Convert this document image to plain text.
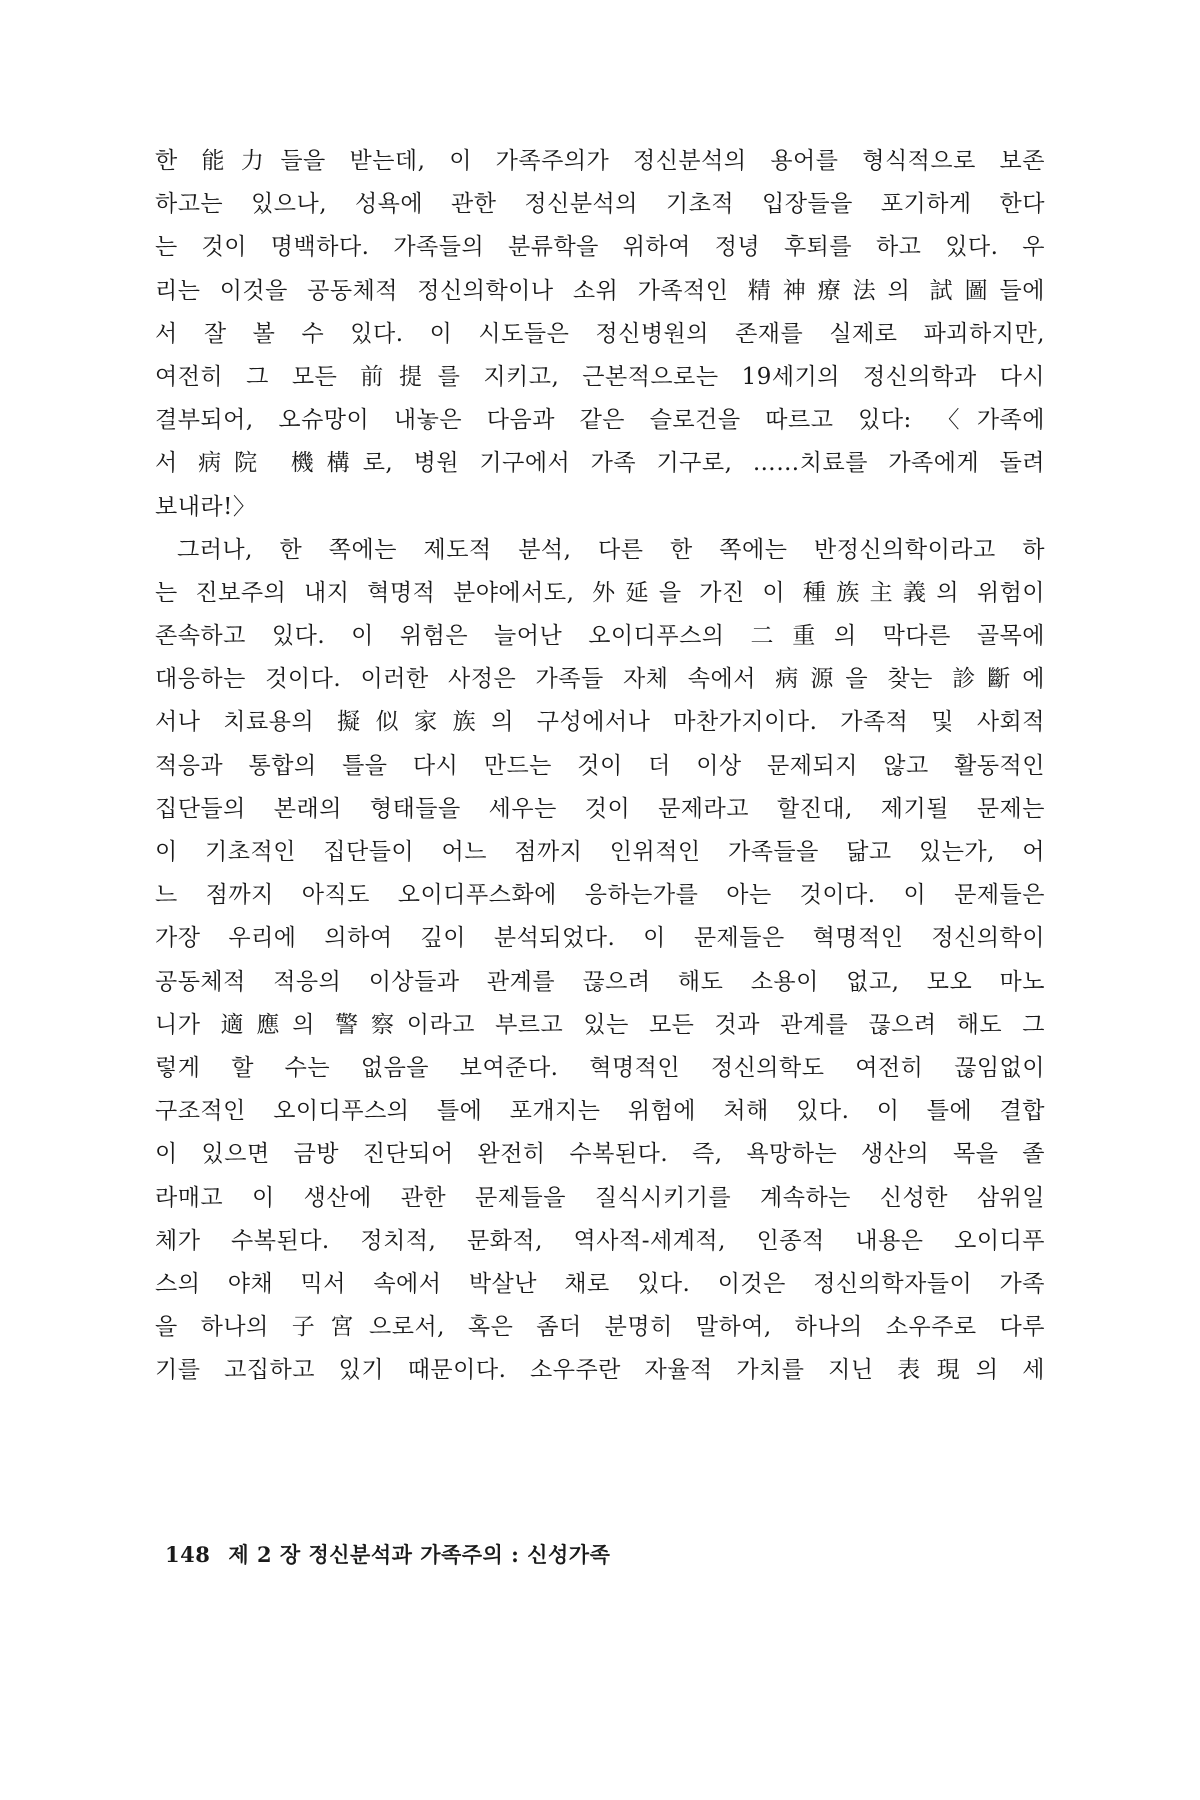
한 能力들을 받는데, 이 가족주의가 정신분석의 용어를 형식적으로 보존
하고는 있으나, 성욕에 관한 정신분석의 기초적 입장들을 포기하게 한다
는 것이 명백하다. 가족들의 분류학을 위하여 정녕 후퇴를 하고 있다. 우
리는 이것을 공동체적 정신의학이나 소위 가족적인 精神療法의 試圖들에
서 잘 볼 수 있다. 이 시도들은 정신병원의 존재를 실제로 파괴하지만,
여전히 그 모든 前提를 지키고, 근본적으로는 19세기의 정신의학과 다시
결부되어, 오슈망이 내놓은 다음과 같은 슬로건을 따르고 있다: 〈가족에
서 病院 機構로, 병원 기구에서 가족 기구로, ……치료를 가족에게 돌려
보내라!〉
그러나, 한 쪽에는 제도적 분석, 다른 한 쪽에는 반정신의학이라고 하
는 진보주의 내지 혁명적 분야에서도, 外延을 가진 이 種族主義의 위험이
존속하고 있다. 이 위험은 늘어난 오이디푸스의 二重의 막다른 골목에
대응하는 것이다. 이러한 사정은 가족들 자체 속에서 病源을 찾는 診斷에
서나 치료용의 擬似家族의 구성에서나 마찬가지이다. 가족적 및 사회적
적응과 통합의 틀을 다시 만드는 것이 더 이상 문제되지 않고 활동적인
집단들의 본래의 형태들을 세우는 것이 문제라고 할진대, 제기될 문제는
이 기초적인 집단들이 어느 점까지 인위적인 가족들을 닮고 있는가, 어
느 점까지 아직도 오이디푸스화에 응하는가를 아는 것이다. 이 문제들은
가장 우리에 의하여 깊이 분석되었다. 이 문제들은 혁명적인 정신의학이
공동체적 적응의 이상들과 관계를 끊으려 해도 소용이 없고, 모오 마노
니가 適應의 警察이라고 부르고 있는 모든 것과 관계를 끊으려 해도 그
렇게 할 수는 없음을 보여준다. 혁명적인 정신의학도 여전히 끊임없이
구조적인 오이디푸스의 틀에 포개지는 위험에 처해 있다. 이 틀에 결합
이 있으면 금방 진단되어 완전히 수복된다. 즉, 욕망하는 생산의 목을 졸
라매고 이 생산에 관한 문제들을 질식시키기를 계속하는 신성한 삼위일
체가 수복된다. 정치적, 문화적, 역사적-세계적, 인종적 내용은 오이디푸
스의 야채 믹서 속에서 박살난 채로 있다. 이것은 정신의학자들이 가족
을 하나의 子宮으로서, 혹은 좀더 분명히 말하여, 하나의 소우주로 다루
기를 고집하고 있기 때문이다. 소우주란 자율적 가치를 지닌 表現의 세
148 제 2 장 정신분석과 가족주의 : 신성가족
